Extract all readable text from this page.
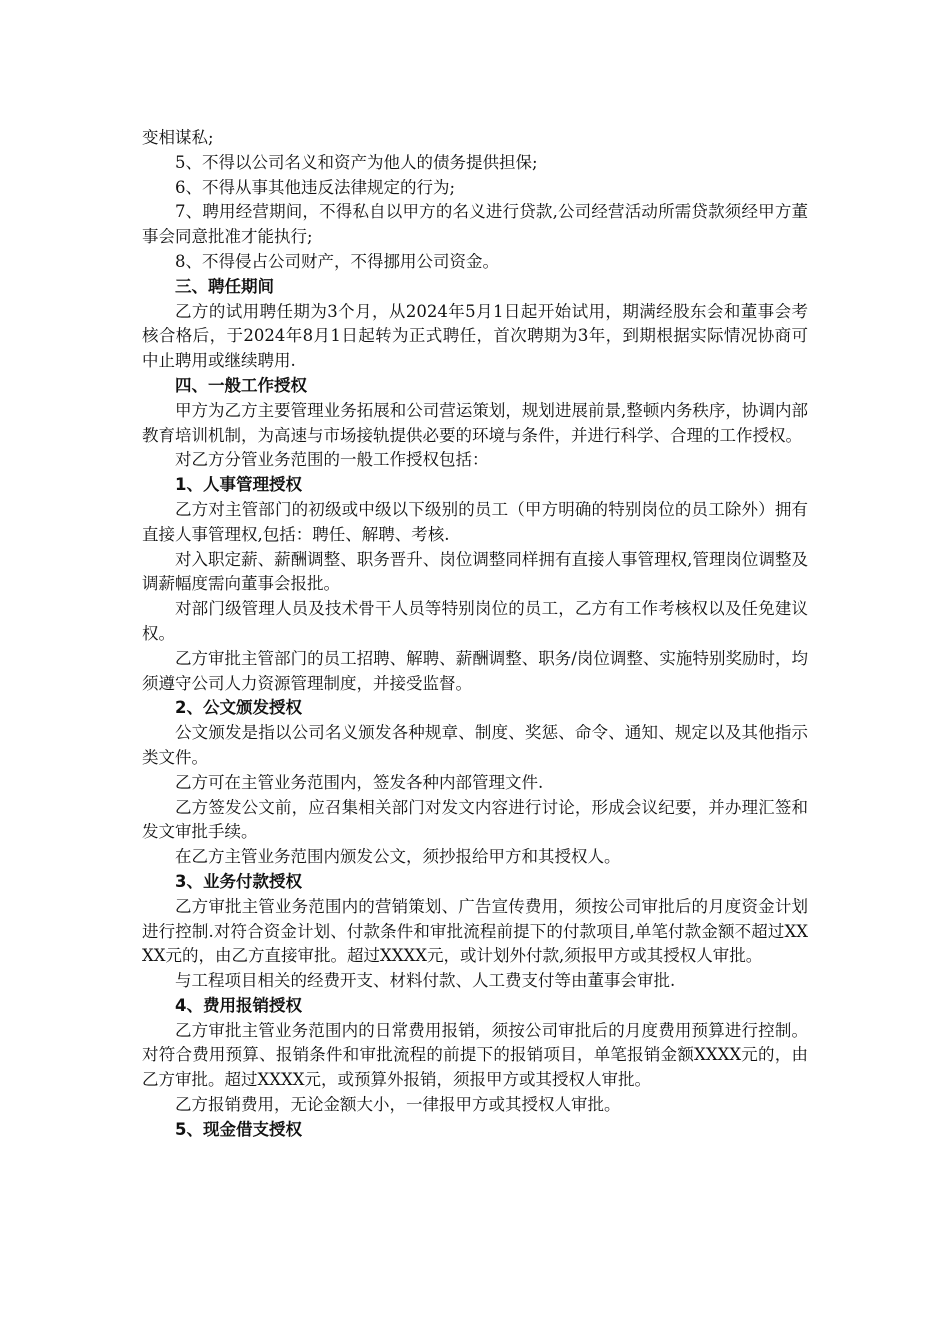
变相谋私;

5、不得以公司名义和资产为他人的债务提供担保;

6、不得从事其他违反法律规定的行为;

7、聘用经营期间，不得私自以甲方的名义进行贷款,公司经营活动所需贷款须经甲方董事会同意批准才能执行;

8、不得侵占公司财产，不得挪用公司资金。

三、聘任期间

乙方的试用聘任期为3个月，从2024年5月1日起开始试用，期满经股东会和董事会考核合格后，于2024年8月1日起转为正式聘任，首次聘期为3年，到期根据实际情况协商可中止聘用或继续聘用.

四、一般工作授权

甲方为乙方主要管理业务拓展和公司营运策划，规划进展前景,整顿内务秩序，协调内部教育培训机制，为高速与市场接轨提供必要的环境与条件，并进行科学、合理的工作授权。

对乙方分管业务范围的一般工作授权包括：

1、人事管理授权

乙方对主管部门的初级或中级以下级别的员工（甲方明确的特别岗位的员工除外）拥有直接人事管理权,包括：聘任、解聘、考核.

对入职定薪、薪酬调整、职务晋升、岗位调整同样拥有直接人事管理权,管理岗位调整及调薪幅度需向董事会报批。

对部门级管理人员及技术骨干人员等特别岗位的员工，乙方有工作考核权以及任免建议权。

乙方审批主管部门的员工招聘、解聘、薪酬调整、职务/岗位调整、实施特别奖励时，均须遵守公司人力资源管理制度，并接受监督。

2、公文颁发授权

公文颁发是指以公司名义颁发各种规章、制度、奖惩、命令、通知、规定以及其他指示类文件。

乙方可在主管业务范围内，签发各种内部管理文件.

乙方签发公文前，应召集相关部门对发文内容进行讨论，形成会议纪要，并办理汇签和发文审批手续。

在乙方主管业务范围内颁发公文，须抄报给甲方和其授权人。

3、业务付款授权

乙方审批主管业务范围内的营销策划、广告宣传费用，须按公司审批后的月度资金计划进行控制.对符合资金计划、付款条件和审批流程前提下的付款项目,单笔付款金额不超过XXXX元的，由乙方直接审批。超过XXXX元，或计划外付款,须报甲方或其授权人审批。

与工程项目相关的经费开支、材料付款、人工费支付等由董事会审批.

4、费用报销授权

乙方审批主管业务范围内的日常费用报销，须按公司审批后的月度费用预算进行控制。对符合费用预算、报销条件和审批流程的前提下的报销项目，单笔报销金额XXXX元的，由乙方审批。超过XXXX元，或预算外报销，须报甲方或其授权人审批。

乙方报销费用，无论金额大小，一律报甲方或其授权人审批。

5、现金借支授权
